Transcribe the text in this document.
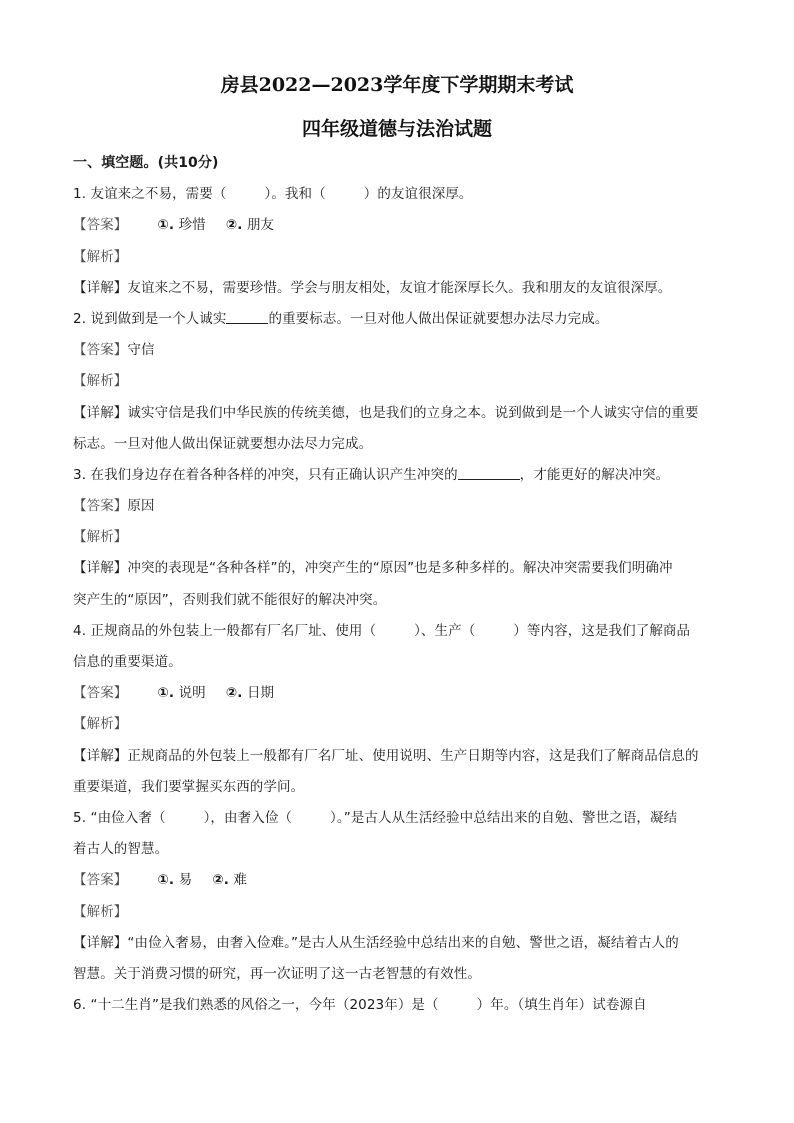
房县2022—2023学年度下学期期末考试
四年级道德与法治试题
一、填空题。(共10分)
1. 友谊来之不易，需要（	）。我和（	）的友谊很深厚。
【答案】 ①. 珍惜 ②. 朋友
【解析】
【详解】友谊来之不易，需要珍惜。学会与朋友相处，友谊才能深厚长久。我和朋友的友谊很深厚。
2. 说到做到是一个人诚实	的重要标志。一旦对他人做出保证就要想办法尽力完成。
【答案】守信
【解析】
【详解】诚实守信是我们中华民族的传统美德，也是我们的立身之本。说到做到是一个人诚实守信的重要
标志。一旦对他人做出保证就要想办法尽力完成。
3. 在我们身边存在着各种各样的冲突，只有正确认识产生冲突的	，才能更好的解决冲突。
【答案】原因
【解析】
【详解】冲突的表现是“各种各样”的，冲突产生的“原因”也是多种多样的。解决冲突需要我们明确冲
突产生的“原因”，否则我们就不能很好的解决冲突。
4. 正规商品的外包装上一般都有厂名厂址、使用（	）、生产（	）等内容，这是我们了解商品
信息的重要渠道。
【答案】 ①. 说明 ②. 日期
【解析】
【详解】正规商品的外包装上一般都有厂名厂址、使用说明、生产日期等内容，这是我们了解商品信息的
重要渠道，我们要掌握买东西的学问。
5. “由俭入奢（	），由奢入俭（	）。”是古人从生活经验中总结出来的自勉、警世之语，凝结
着古人的智慧。
【答案】 ①. 易 ②. 难
【解析】
【详解】“由俭入奢易，由奢入俭难。”是古人从生活经验中总结出来的自勉、警世之语，凝结着古人的
智慧。关于消费习惯的研究，再一次证明了这一古老智慧的有效性。
6. “十二生肖”是我们熟悉的风俗之一，今年（2023年）是（	）年。（填生肖年）试卷源自
